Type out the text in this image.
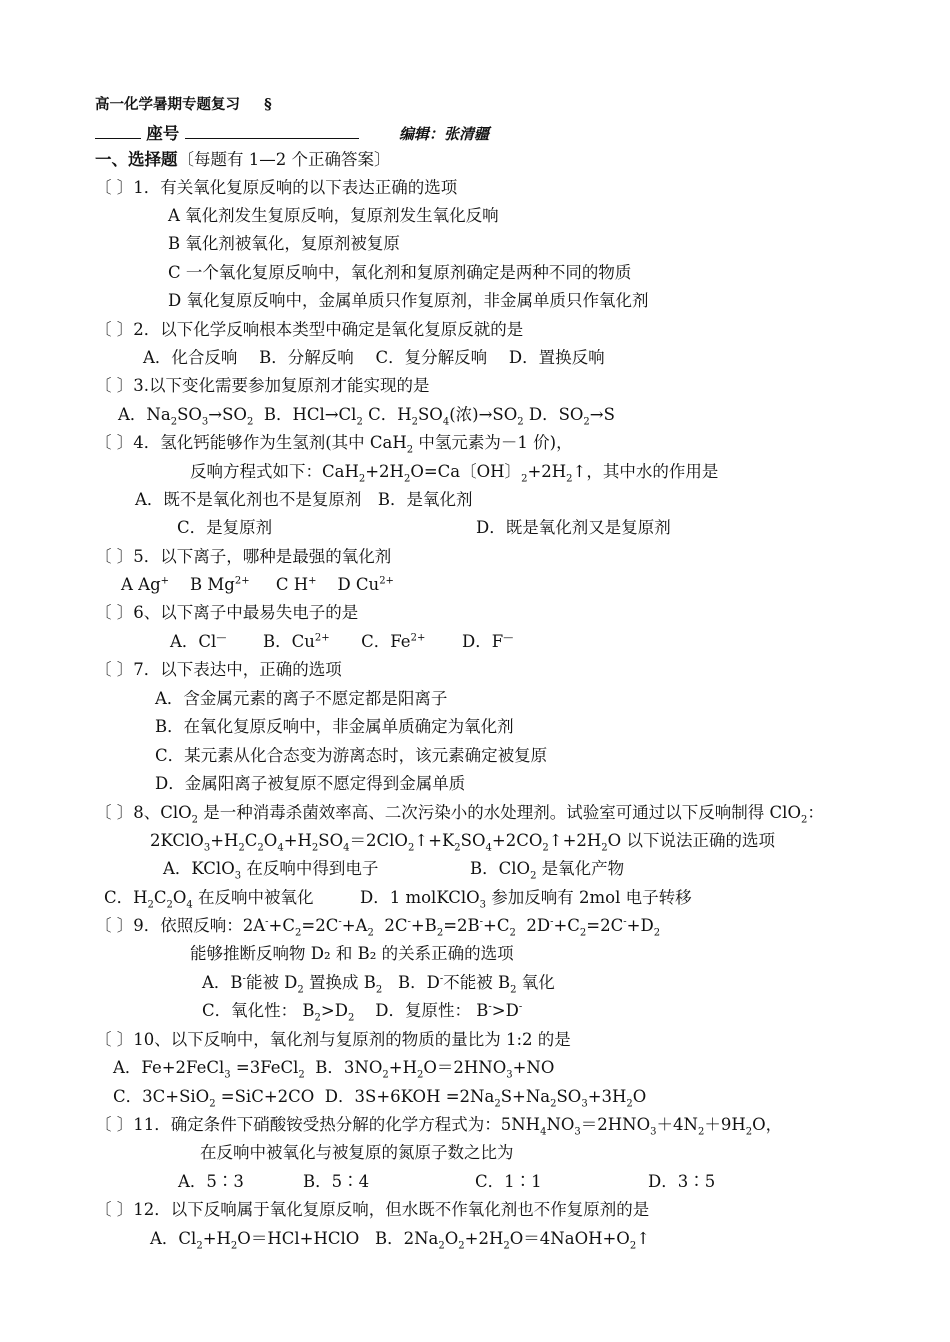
高一化学暑期专题复习 §
座号	编辑：张清疆
一、选择题〔每题有 1—2 个正确答案〕
〔 〕1．有关氧化复原反响的以下表达正确的选项
A 氧化剂发生复原反响，复原剂发生氧化反响
B 氧化剂被氧化，复原剂被复原
C 一个氧化复原反响中，氧化剂和复原剂确定是两种不同的物质
D 氧化复原反响中，金属单质只作复原剂，非金属单质只作氧化剂
〔 〕2．以下化学反响根本类型中确定是氧化复原反就的是
A．化合反响　 B．分解反响　 C．复分解反响　 D．置换反响
〔 〕3.以下变化需要参加复原剂才能实现的是
A．$Na_2SO_3\to SO_2$  B．$HCl\to Cl_2$ C．$H_2SO_4$(浓)$\to SO_2$ D．$SO_2\to S$
〔 〕4．氢化钙能够作为生氢剂(其中 CaH$_2$ 中氢元素为－1 价)，
反响方程式如下：$CaH_2+2H_2O=Ca$〔OH〕$_2+2H_2↑$，其中水的作用是
A．既不是氧化剂也不是复原剂　B．是氧化剂
C．是复原剂	D．既是氧化剂又是复原剂
〔 〕5．以下离子，哪种是最强的氧化剂
A Ag+    B $Mg^{2+}$     C H+    D $Cu^{2+}$
〔 〕6、以下离子中最易失电子的是
A．Cl—       B．$Cu^{2+}$      C．$Fe^{2+}$       D．F—
〔 〕7．以下表达中，正确的选项
A．含金属元素的离子不愿定都是阳离子
B．在氧化复原反响中，非金属单质确定为氧化剂
C．某元素从化合态变为游离态时，该元素确定被复原
D．金属阳离子被复原不愿定得到金属单质
〔 〕8、ClO$_2$ 是一种消毒杀菌效率高、二次污染小的水处理剂。试验室可通过以下反响制得 ClO$_2$：
$2KClO_3+H_2C_2O_4+H_2SO_4=2ClO_2↑+K_2SO_4+2CO_2↑+2H_2O$ 以下说法正确的选项
A．KClO$_3$ 在反响中得到电子	B．ClO$_2$ 是氧化产物
C．$H_2C_2O_4$ 在反响中被氧化	D．1 molKClO$_3$ 参加反响有 2mol 电子转移
〔 〕9．依照反响：$2A^-+C_2=2C^-+A_2$  $2C^-+B_2=2B^-+C_2$  $2D^-+C_2=2C^-+D_2$
能够推断反响物 D₂ 和 B₂ 的关系正确的选项
A．B-能被 $D_2$ 置换成 $B_2$   B．D-不能被 $B_2$ 氧化
C．氧化性： $B_2>D_2$    D．复原性： B->D-
〔 〕10、以下反响中，氧化剂与复原剂的物质的量比为 1:2 的是
A．Fe+2FeCl$_3$ =3FeCl$_2$  B．$3NO_2+H_2O=2HNO_3+NO$
C．3C+SiO$_2$ =SiC+2CO  D．$3S+6KOH =2Na_2S+Na_2SO_3+3H_2O$
〔 〕11．确定条件下硝酸铵受热分解的化学方程式为：$5NH_4NO_3=2HNO_3+4N_2+9H_2O$，
在反响中被氧化与被复原的氮原子数之比为
A．5∶3	B．5∶4	C．1∶1	D．3∶5
〔 〕12．以下反响属于氧化复原反响，但水既不作氧化剂也不作复原剂的是
A．$Cl_2+H_2O=HCl+HClO$   B．$2Na_2O_2+2H_2O=4NaOH+O_2↑$
